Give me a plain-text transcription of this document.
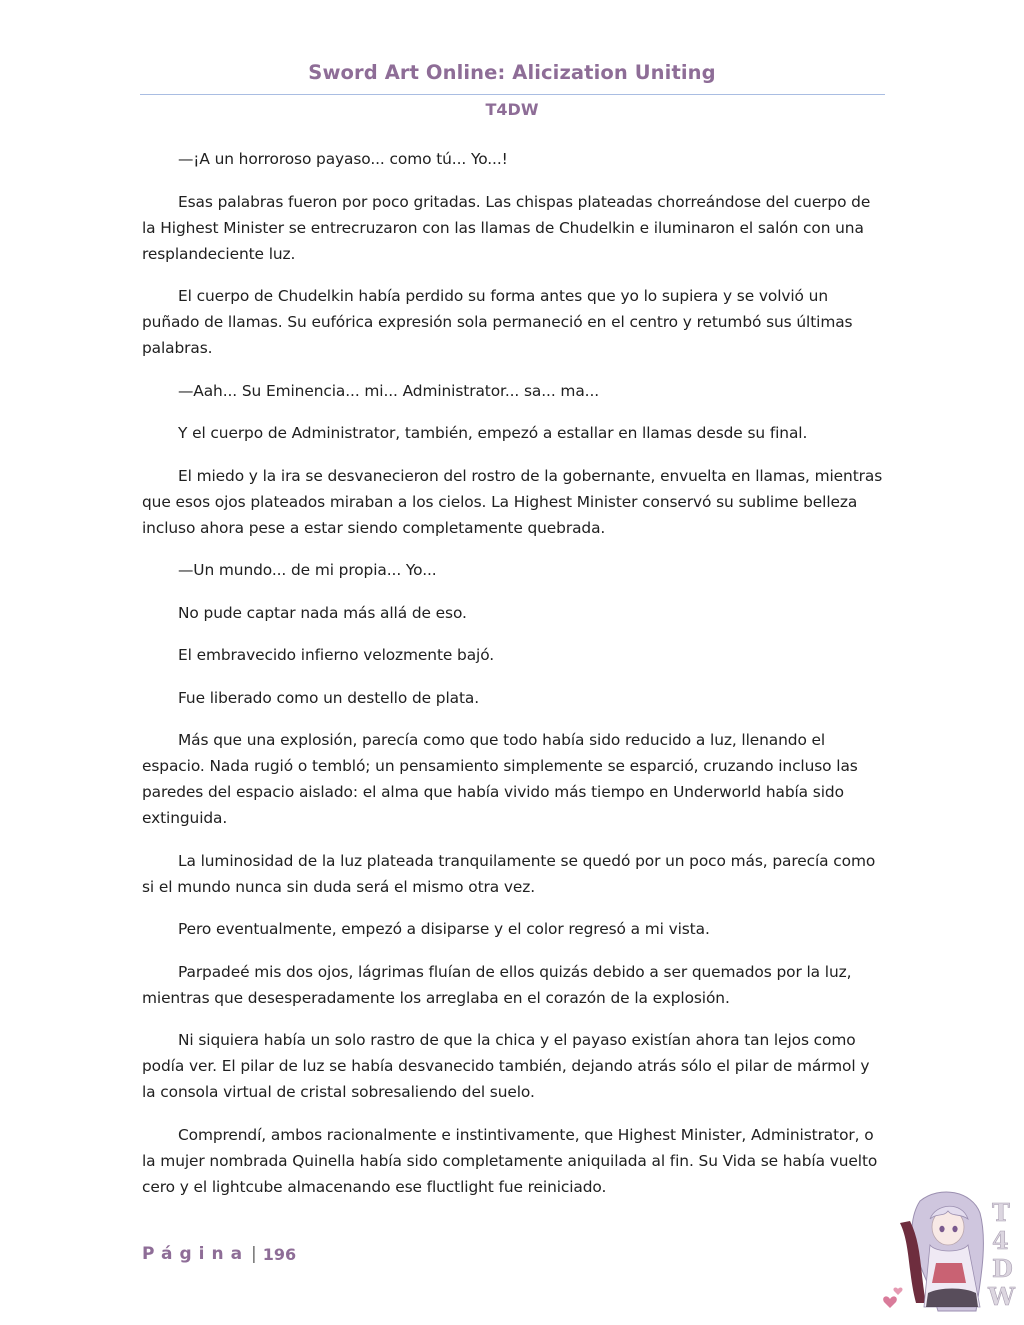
Sword Art Online: Alicization Uniting
T4DW

—¡A un horroroso payaso... como tú... Yo...!

Esas palabras fueron por poco gritadas. Las chispas plateadas chorreándose del cuerpo de la Highest Minister se entrecruzaron con las llamas de Chudelkin e iluminaron el salón con una resplandeciente luz.

El cuerpo de Chudelkin había perdido su forma antes que yo lo supiera y se volvió un puñado de llamas. Su eufórica expresión sola permaneció en el centro y retumbó sus últimas palabras.

—Aah... Su Eminencia... mi... Administrator... sa... ma...

Y el cuerpo de Administrator, también, empezó a estallar en llamas desde su final.

El miedo y la ira se desvanecieron del rostro de la gobernante, envuelta en llamas, mientras que esos ojos plateados miraban a los cielos. La Highest Minister conservó su sublime belleza incluso ahora pese a estar siendo completamente quebrada.

—Un mundo... de mi propia... Yo...

No pude captar nada más allá de eso.

El embravecido infierno velozmente bajó.

Fue liberado como un destello de plata.

Más que una explosión, parecía como que todo había sido reducido a luz, llenando el espacio. Nada rugió o tembló; un pensamiento simplemente se esparció, cruzando incluso las paredes del espacio aislado: el alma que había vivido más tiempo en Underworld había sido extinguida.

La luminosidad de la luz plateada tranquilamente se quedó por un poco más, parecía como si el mundo nunca sin duda será el mismo otra vez.

Pero eventualmente, empezó a disiparse y el color regresó a mi vista.

Parpadeé mis dos ojos, lágrimas fluían de ellos quizás debido a ser quemados por la luz, mientras que desesperadamente los arreglaba en el corazón de la explosión.

Ni siquiera había un solo rastro de que la chica y el payaso existían ahora tan lejos como podía ver. El pilar de luz se había desvanecido también, dejando atrás sólo el pilar de mármol y la consola virtual de cristal sobresaliendo del suelo.

Comprendí, ambos racionalmente e instintivamente, que Highest Minister, Administrator, o la mujer nombrada Quinella había sido completamente aniquilada al fin. Su Vida se había vuelto cero y el lightcube almacenando ese fluctlight fue reiniciado.

Página | 196
T
4
D
W
